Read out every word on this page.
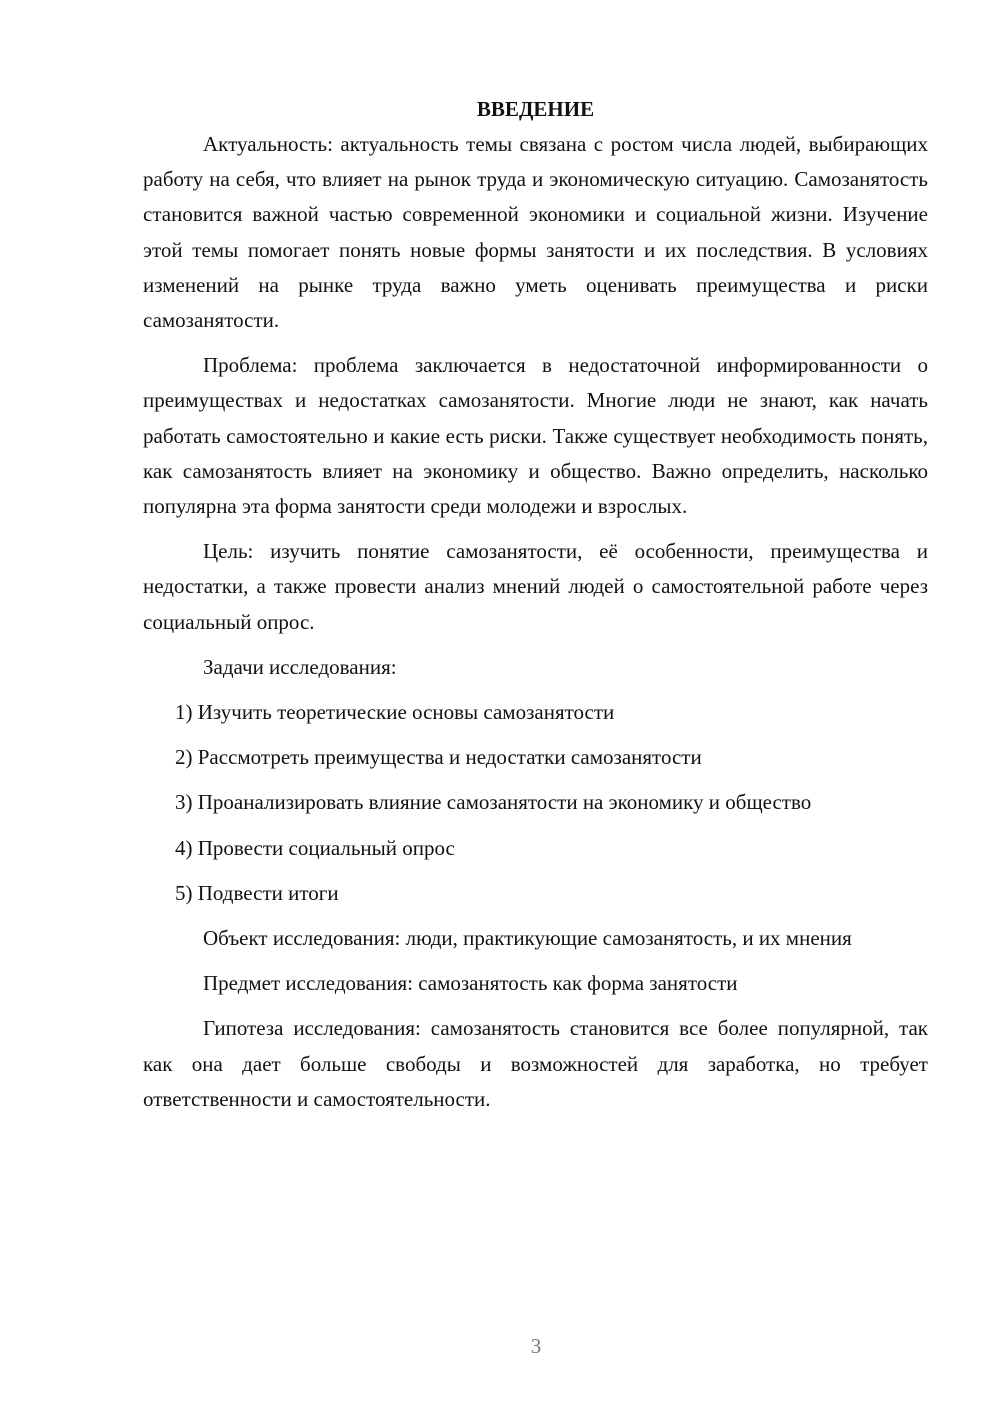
ВВЕДЕНИЕ

Актуальность: актуальность темы связана с ростом числа людей, выбирающих работу на себя, что влияет на рынок труда и экономическую ситуацию. Самозанятость становится важной частью современной экономики и социальной жизни. Изучение этой темы помогает понять новые формы занятости и их последствия. В условиях изменений на рынке труда важно уметь оценивать преимущества и риски самозанятости.

Проблема: проблема заключается в недостаточной информированности о преимуществах и недостатках самозанятости. Многие люди не знают, как начать работать самостоятельно и какие есть риски. Также существует необходимость понять, как самозанятость влияет на экономику и общество. Важно определить, насколько популярна эта форма занятости среди молодежи и взрослых.

Цель: изучить понятие самозанятости, её особенности, преимущества и недостатки, а также провести анализ мнений людей о самостоятельной работе через социальный опрос.

Задачи исследования:

1) Изучить теоретические основы самозанятости

2) Рассмотреть преимущества и недостатки самозанятости

3) Проанализировать влияние самозанятости на экономику и общество

4) Провести социальный опрос

5) Подвести итоги

Объект исследования: люди, практикующие самозанятость, и их мнения

Предмет исследования: самозанятость как форма занятости

Гипотеза исследования: самозанятость становится все более популярной, так как она дает больше свободы и возможностей для заработка, но требует ответственности и самостоятельности.

3
